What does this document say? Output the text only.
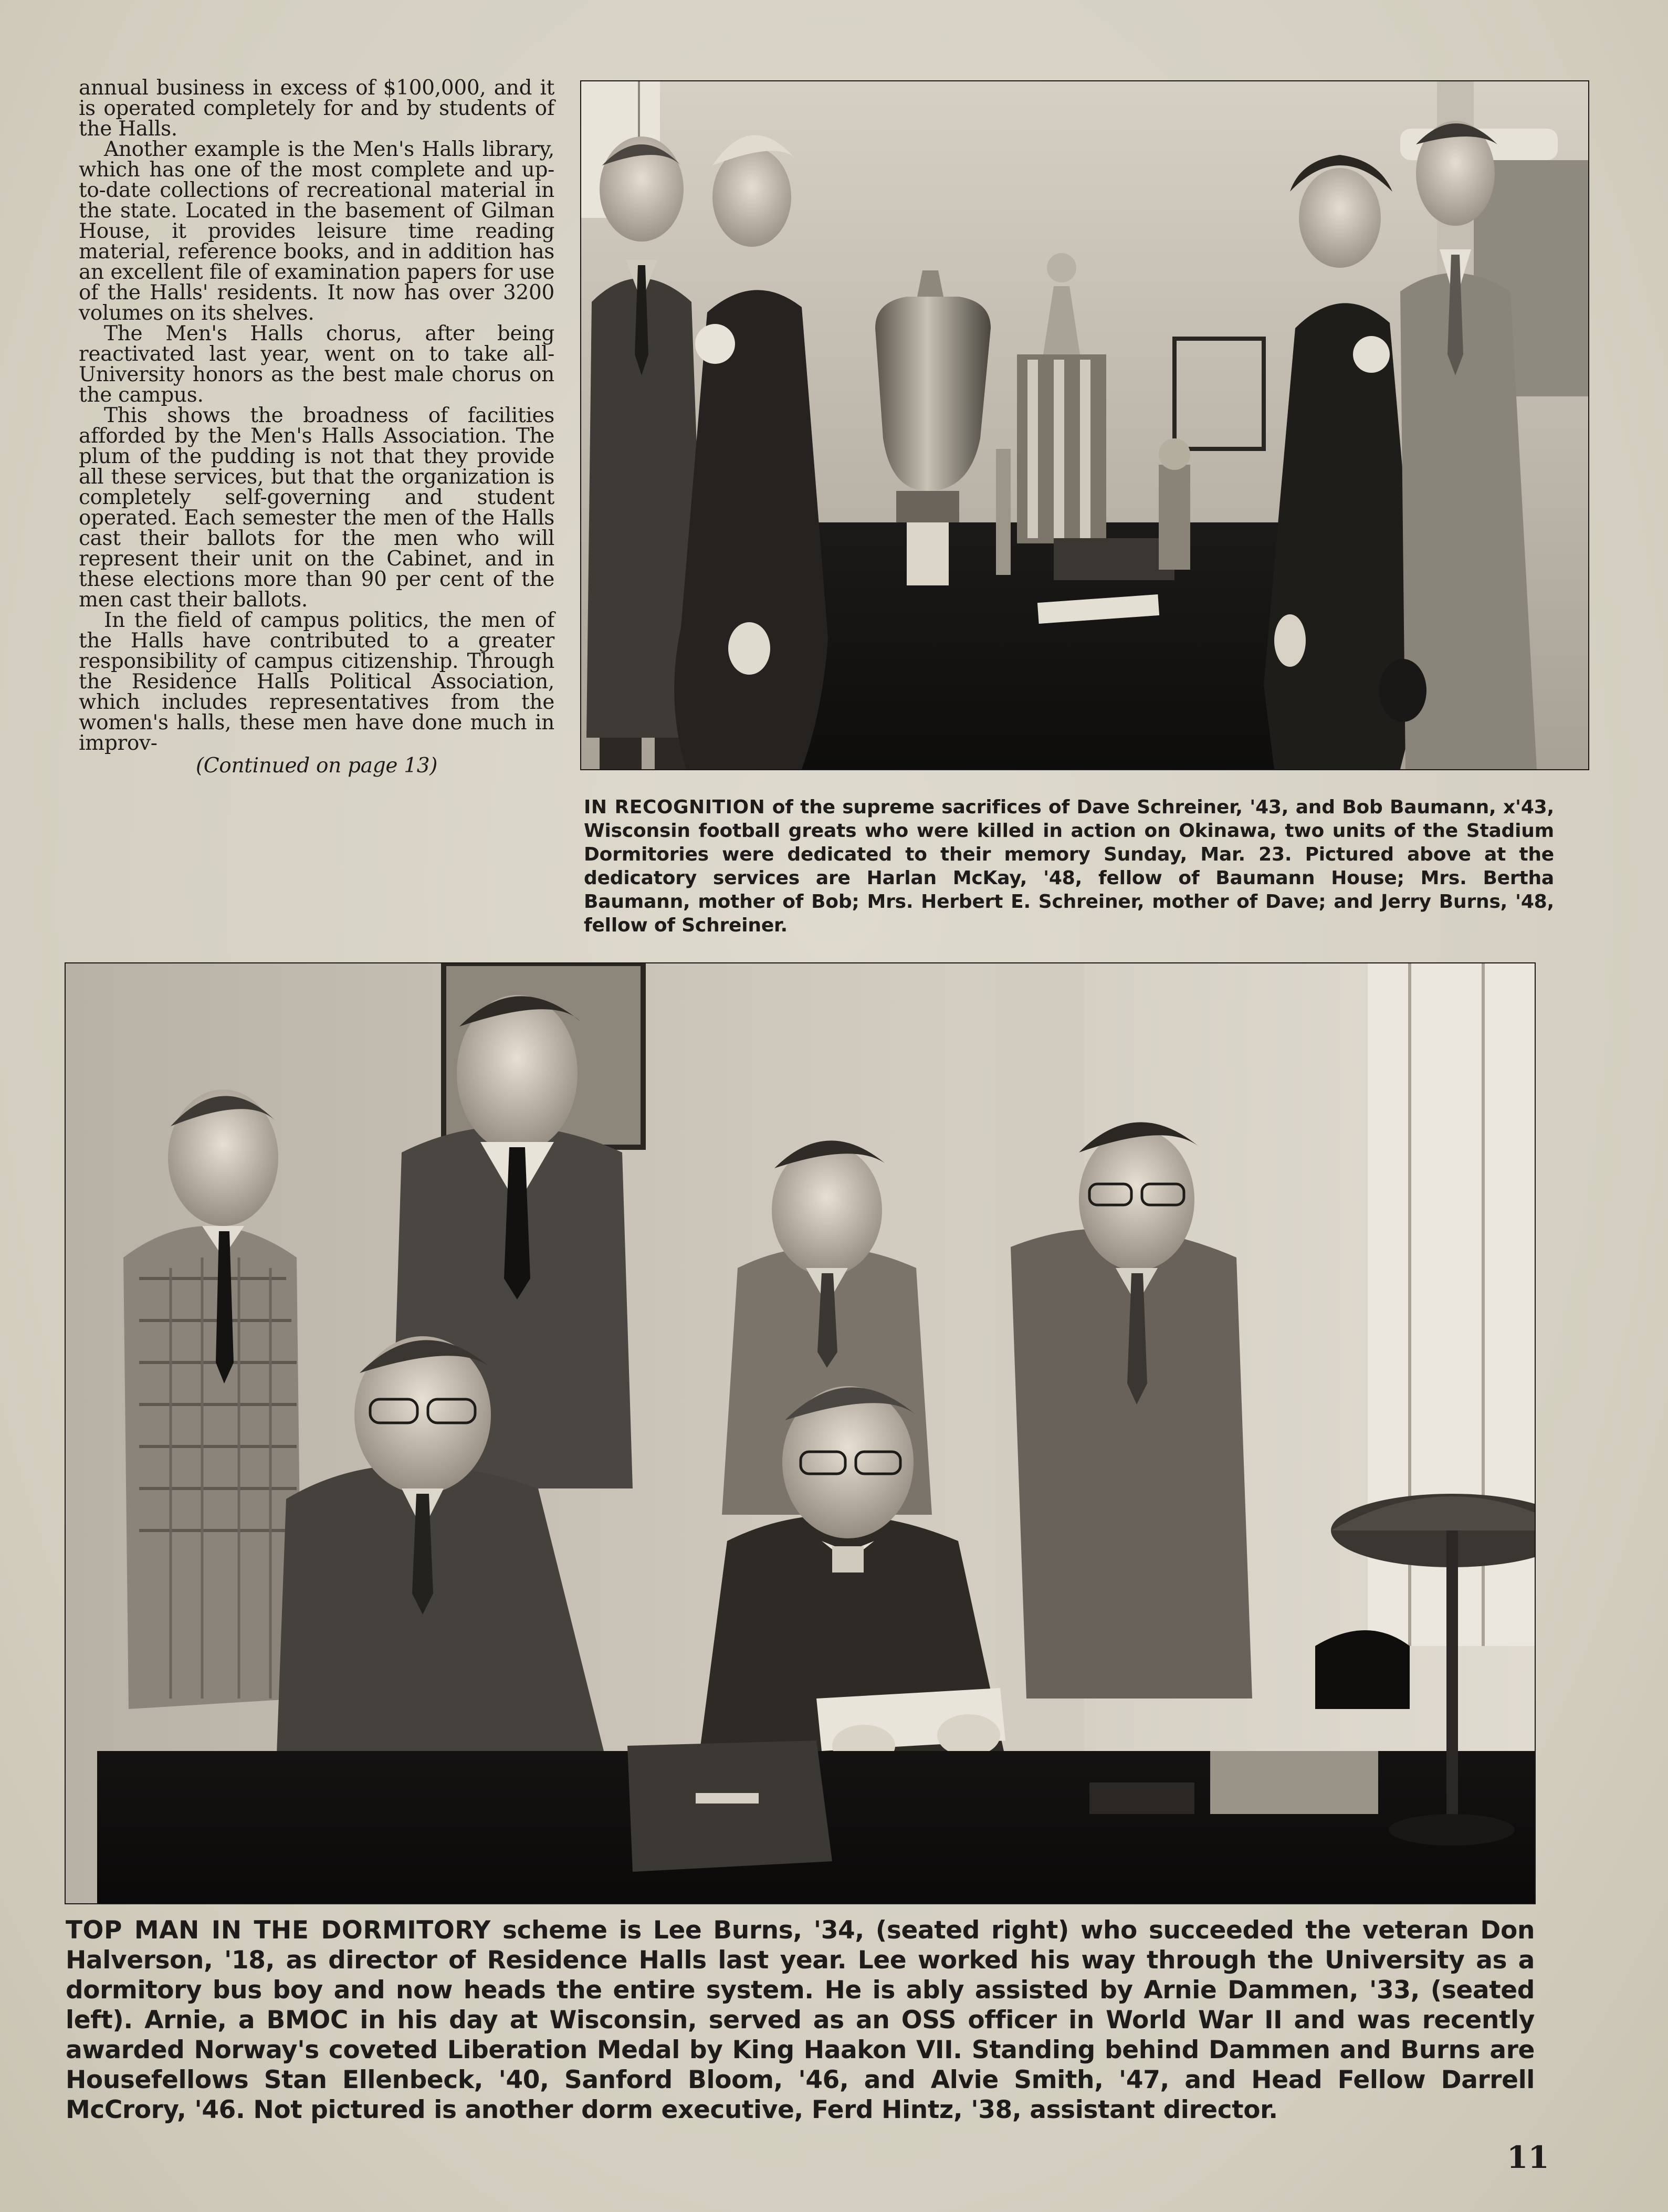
annual business in excess of $100,000, and it is operated completely for and by students of the Halls.

Another example is the Men's Halls library, which has one of the most complete and up-to-date collections of recreational material in the state. Located in the basement of Gilman House, it provides leisure time reading material, reference books, and in addition has an excellent file of examination papers for use of the Halls' residents. It now has over 3200 volumes on its shelves.

The Men's Halls chorus, after being reactivated last year, went on to take all-University honors as the best male chorus on the campus.

This shows the broadness of facilities afforded by the Men's Halls Association. The plum of the pudding is not that they provide all these services, but that the organization is completely self-governing and student operated. Each semester the men of the Halls cast their ballots for the men who will represent their unit on the Cabinet, and in these elections more than 90 per cent of the men cast their ballots.

In the field of campus politics, the men of the Halls have contributed to a greater responsibility of campus citizenship. Through the Residence Halls Political Association, which includes representatives from the women's halls, these men have done much in improv-

(Continued on page 13)

IN RECOGNITION of the supreme sacrifices of Dave Schreiner, '43, and Bob Baumann, x'43, Wisconsin football greats who were killed in action on Okinawa, two units of the Stadium Dormitories were dedicated to their memory Sunday, Mar. 23. Pictured above at the dedicatory services are Harlan McKay, '48, fellow of Baumann House; Mrs. Bertha Baumann, mother of Bob; Mrs. Herbert E. Schreiner, mother of Dave; and Jerry Burns, '48, fellow of Schreiner.
TOP MAN IN THE DORMITORY scheme is Lee Burns, '34, (seated right) who succeeded the veteran Don Halverson, '18, as director of Residence Halls last year. Lee worked his way through the University as a dormitory bus boy and now heads the entire system. He is ably assisted by Arnie Dammen, '33, (seated left). Arnie, a BMOC in his day at Wisconsin, served as an OSS officer in World War II and was recently awarded Norway's coveted Liberation Medal by King Haakon VII. Standing behind Dammen and Burns are Housefellows Stan Ellenbeck, '40, Sanford Bloom, '46, and Alvie Smith, '47, and Head Fellow Darrell McCrory, '46. Not pictured is another dorm executive, Ferd Hintz, '38, assistant director.
11
